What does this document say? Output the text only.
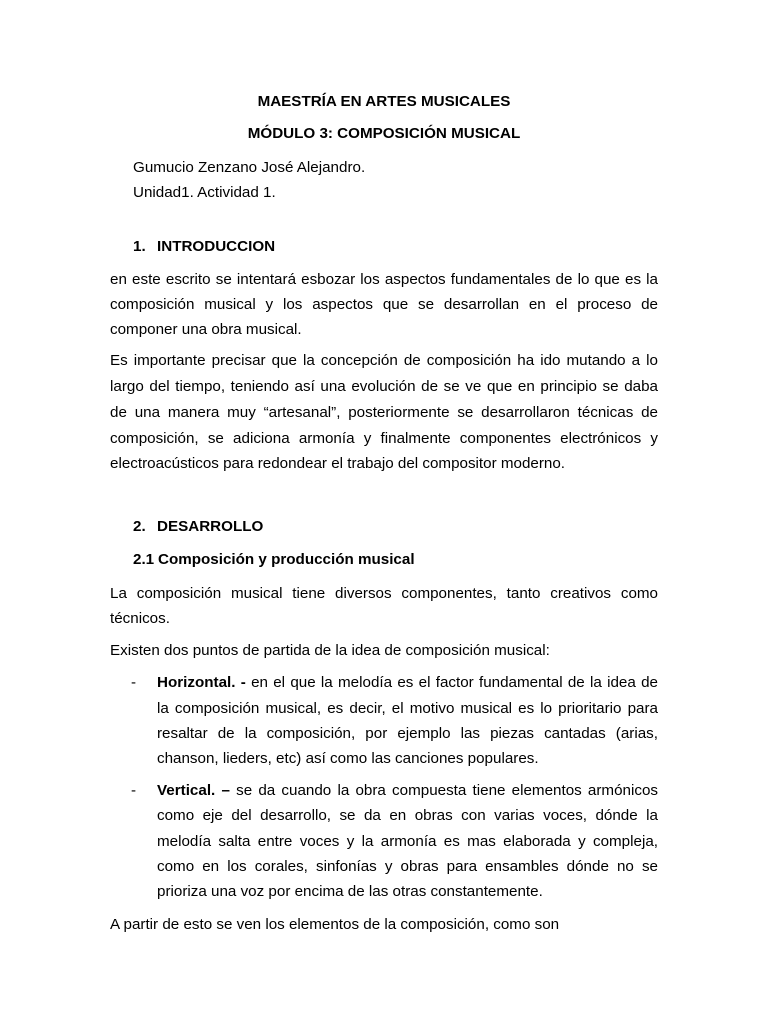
MAESTRÍA EN ARTES MUSICALES
MÓDULO 3: COMPOSICIÓN MUSICAL
Gumucio Zenzano José Alejandro.
Unidad1. Actividad 1.
1. INTRODUCCION
en este escrito se intentará esbozar los aspectos fundamentales de lo que es la
composición musical y los aspectos que se desarrollan en el proceso de
componer una obra musical.
Es importante precisar que la concepción de composición ha ido mutando a lo
largo del tiempo, teniendo así una evolución de se ve que en principio se daba
de una manera muy “artesanal”, posteriormente se desarrollaron técnicas de
composición, se adiciona armonía y finalmente componentes electrónicos y
electroacústicos para redondear el trabajo del compositor moderno.
2. DESARROLLO
2.1 Composición y producción musical
La composición musical tiene diversos componentes, tanto creativos como
técnicos.
Existen dos puntos de partida de la idea de composición musical:
- Horizontal. - en el que la melodía es el factor fundamental de la idea de
la composición musical, es decir, el motivo musical es lo prioritario para
resaltar de la composición, por ejemplo las piezas cantadas (arias,
chanson, lieders, etc) así como las canciones populares.
- Vertical. – se da cuando la obra compuesta tiene elementos armónicos
como eje del desarrollo, se da en obras con varias voces, dónde la
melodía salta entre voces y la armonía es mas elaborada y compleja,
como en los corales, sinfonías y obras para ensambles dónde no se
prioriza una voz por encima de las otras constantemente.
A partir de esto se ven los elementos de la composición, como son
